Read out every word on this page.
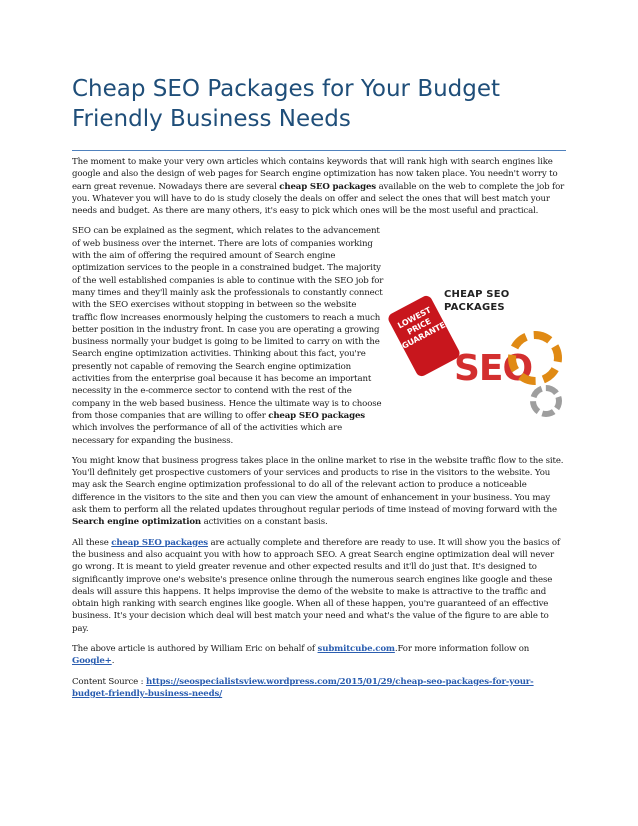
Cheap SEO Packages for Your Budget Friendly Business Needs

The moment to make your very own articles which contains keywords that will rank high with search engines like google and also the design of web pages for Search engine optimization has now taken place. You needn't worry to earn great revenue. Nowadays there are several cheap SEO packages available on the web to complete the job for you. Whatever you will have to do is study closely the deals on offer and select the ones that will best match your needs and budget. As there are many others, it's easy to pick which ones will be the most useful and practical.

CHEAP SEO PACKAGES
LOWEST PRICE GUARANTEE
SEO
SEO can be explained as the segment, which relates to the advancement of web business over the internet. There are lots of companies working with the aim of offering the required amount of Search engine optimization services to the people in a constrained budget. The majority of the well established companies is able to continue with the SEO job for many times and they'll mainly ask the professionals to constantly connect with the SEO exercises without stopping in between so the website traffic flow increases enormously helping the customers to reach a much better position in the industry front. In case you are operating a growing business normally your budget is going to be limited to carry on with the Search engine optimization activities. Thinking about this fact, you're presently not capable of removing the Search engine optimization activities from the enterprise goal because it has become an important necessity in the e-commerce sector to contend with the rest of the company in the web based business. Hence the ultimate way is to choose from those companies that are willing to offer cheap SEO packages which involves the performance of all of the activities which are necessary for expanding the business.

You might know that business progress takes place in the online market to rise in the website traffic flow to the site. You'll definitely get prospective customers of your services and products to rise in the visitors to the website. You may ask the Search engine optimization professional to do all of the relevant action to produce a noticeable difference in the visitors to the site and then you can view the amount of enhancement in your business. You may ask them to perform all the related updates throughout regular periods of time instead of moving forward with the Search engine optimization activities on a constant basis.

All these cheap SEO packages are actually complete and therefore are ready to use. It will show you the basics of the business and also acquaint you with how to approach SEO. A great Search engine optimization deal will never go wrong. It is meant to yield greater revenue and other expected results and it'll do just that. It's designed to significantly improve one's website's presence online through the numerous search engines like google and these deals will assure this happens. It helps improvise the demo of the website to make is attractive to the traffic and obtain high ranking with search engines like google. When all of these happen, you're guaranteed of an effective business. It's your decision which deal will best match your need and what's the value of the figure to are able to pay.

The above article is authored by William Eric on behalf of submitcube.com.For more information follow on Google+.

Content Source : https://seospecialistsview.wordpress.com/2015/01/29/cheap-seo-packages-for-your-budget-friendly-business-needs/
